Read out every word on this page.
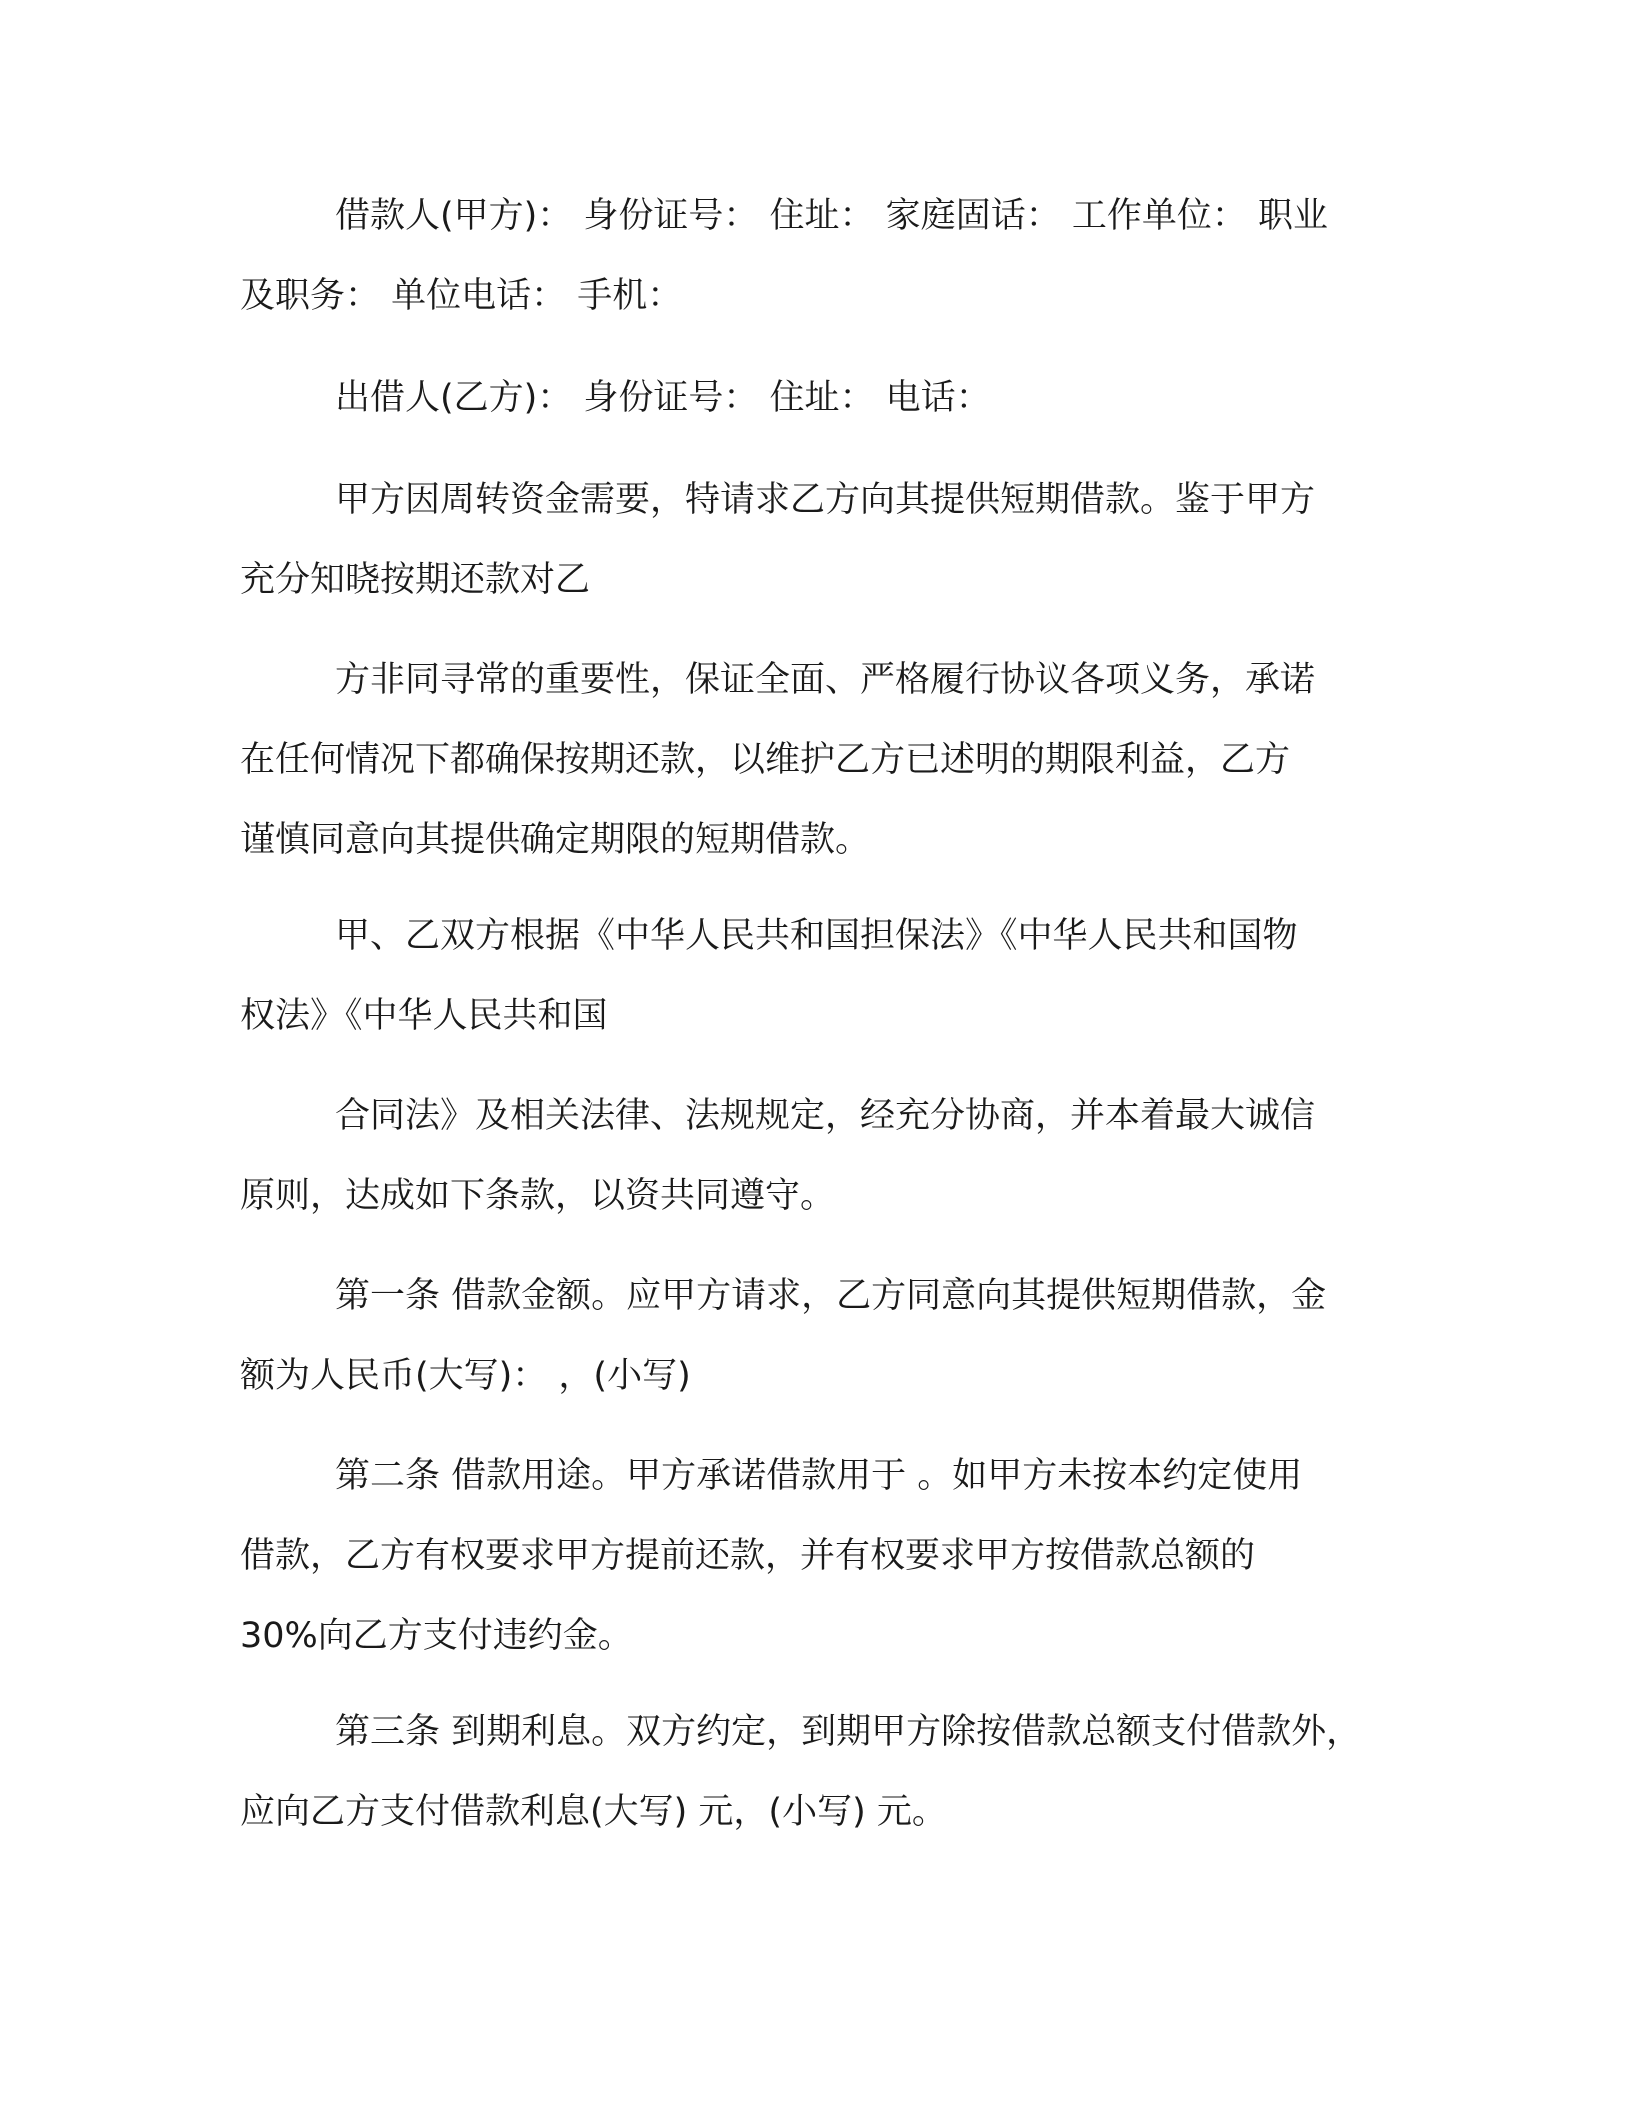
借款人(甲方)： 身份证号： 住址： 家庭固话： 工作单位： 职业
及职务： 单位电话： 手机：

出借人(乙方)： 身份证号： 住址： 电话：

甲方因周转资金需要，特请求乙方向其提供短期借款。鉴于甲方
充分知晓按期还款对乙

方非同寻常的重要性，保证全面、严格履行协议各项义务，承诺
在任何情况下都确保按期还款，以维护乙方已述明的期限利益，乙方
谨慎同意向其提供确定期限的短期借款。

甲、乙双方根据《中华人民共和国担保法》《中华人民共和国物
权法》《中华人民共和国

合同法》及相关法律、法规规定，经充分协商，并本着最大诚信
原则，达成如下条款，以资共同遵守。

第一条 借款金额。应甲方请求，乙方同意向其提供短期借款，金
额为人民币(大写)： ，(小写)

第二条 借款用途。甲方承诺借款用于 。如甲方未按本约定使用
借款，乙方有权要求甲方提前还款，并有权要求甲方按借款总额的
30%向乙方支付违约金。

第三条 到期利息。双方约定，到期甲方除按借款总额支付借款外，
应向乙方支付借款利息(大写) 元，(小写) 元。
